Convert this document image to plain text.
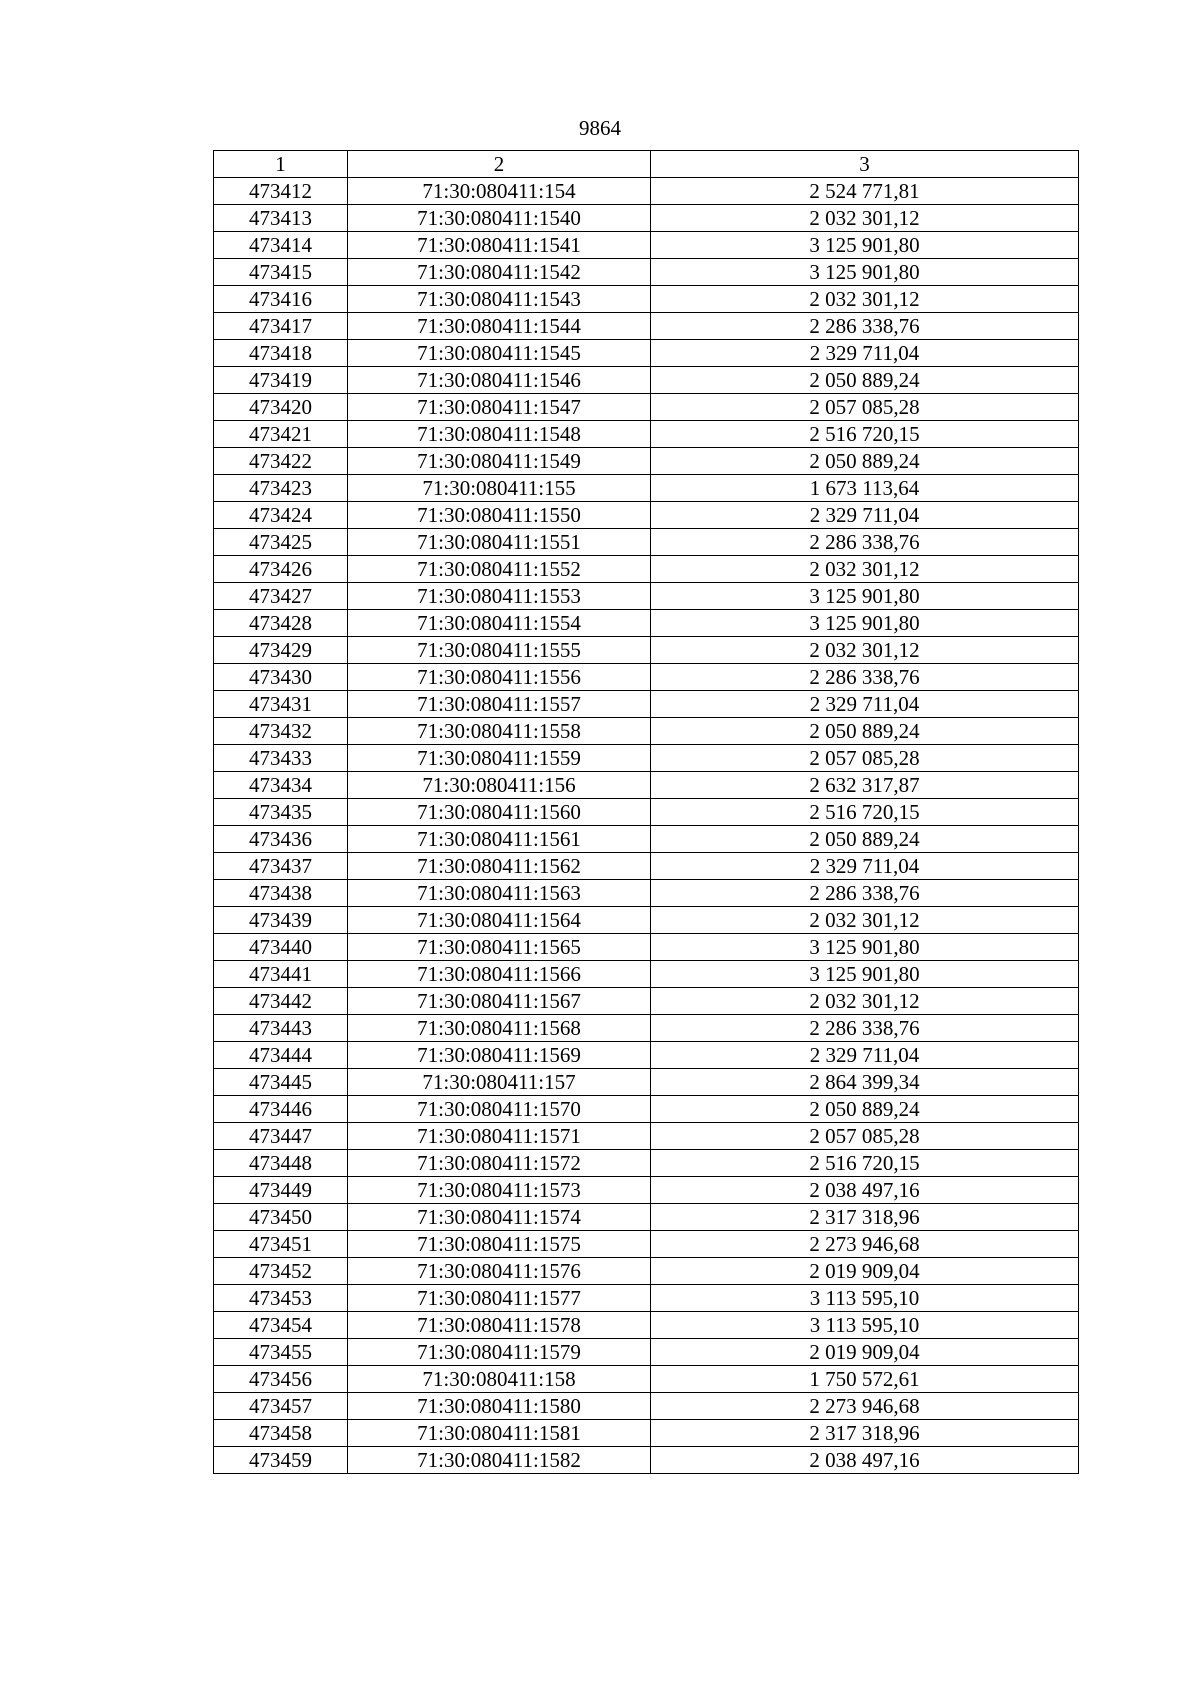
9864
1	2	3
473412	71:30:080411:154	2 524 771,81
473413	71:30:080411:1540	2 032 301,12
473414	71:30:080411:1541	3 125 901,80
473415	71:30:080411:1542	3 125 901,80
473416	71:30:080411:1543	2 032 301,12
473417	71:30:080411:1544	2 286 338,76
473418	71:30:080411:1545	2 329 711,04
473419	71:30:080411:1546	2 050 889,24
473420	71:30:080411:1547	2 057 085,28
473421	71:30:080411:1548	2 516 720,15
473422	71:30:080411:1549	2 050 889,24
473423	71:30:080411:155	1 673 113,64
473424	71:30:080411:1550	2 329 711,04
473425	71:30:080411:1551	2 286 338,76
473426	71:30:080411:1552	2 032 301,12
473427	71:30:080411:1553	3 125 901,80
473428	71:30:080411:1554	3 125 901,80
473429	71:30:080411:1555	2 032 301,12
473430	71:30:080411:1556	2 286 338,76
473431	71:30:080411:1557	2 329 711,04
473432	71:30:080411:1558	2 050 889,24
473433	71:30:080411:1559	2 057 085,28
473434	71:30:080411:156	2 632 317,87
473435	71:30:080411:1560	2 516 720,15
473436	71:30:080411:1561	2 050 889,24
473437	71:30:080411:1562	2 329 711,04
473438	71:30:080411:1563	2 286 338,76
473439	71:30:080411:1564	2 032 301,12
473440	71:30:080411:1565	3 125 901,80
473441	71:30:080411:1566	3 125 901,80
473442	71:30:080411:1567	2 032 301,12
473443	71:30:080411:1568	2 286 338,76
473444	71:30:080411:1569	2 329 711,04
473445	71:30:080411:157	2 864 399,34
473446	71:30:080411:1570	2 050 889,24
473447	71:30:080411:1571	2 057 085,28
473448	71:30:080411:1572	2 516 720,15
473449	71:30:080411:1573	2 038 497,16
473450	71:30:080411:1574	2 317 318,96
473451	71:30:080411:1575	2 273 946,68
473452	71:30:080411:1576	2 019 909,04
473453	71:30:080411:1577	3 113 595,10
473454	71:30:080411:1578	3 113 595,10
473455	71:30:080411:1579	2 019 909,04
473456	71:30:080411:158	1 750 572,61
473457	71:30:080411:1580	2 273 946,68
473458	71:30:080411:1581	2 317 318,96
473459	71:30:080411:1582	2 038 497,16
